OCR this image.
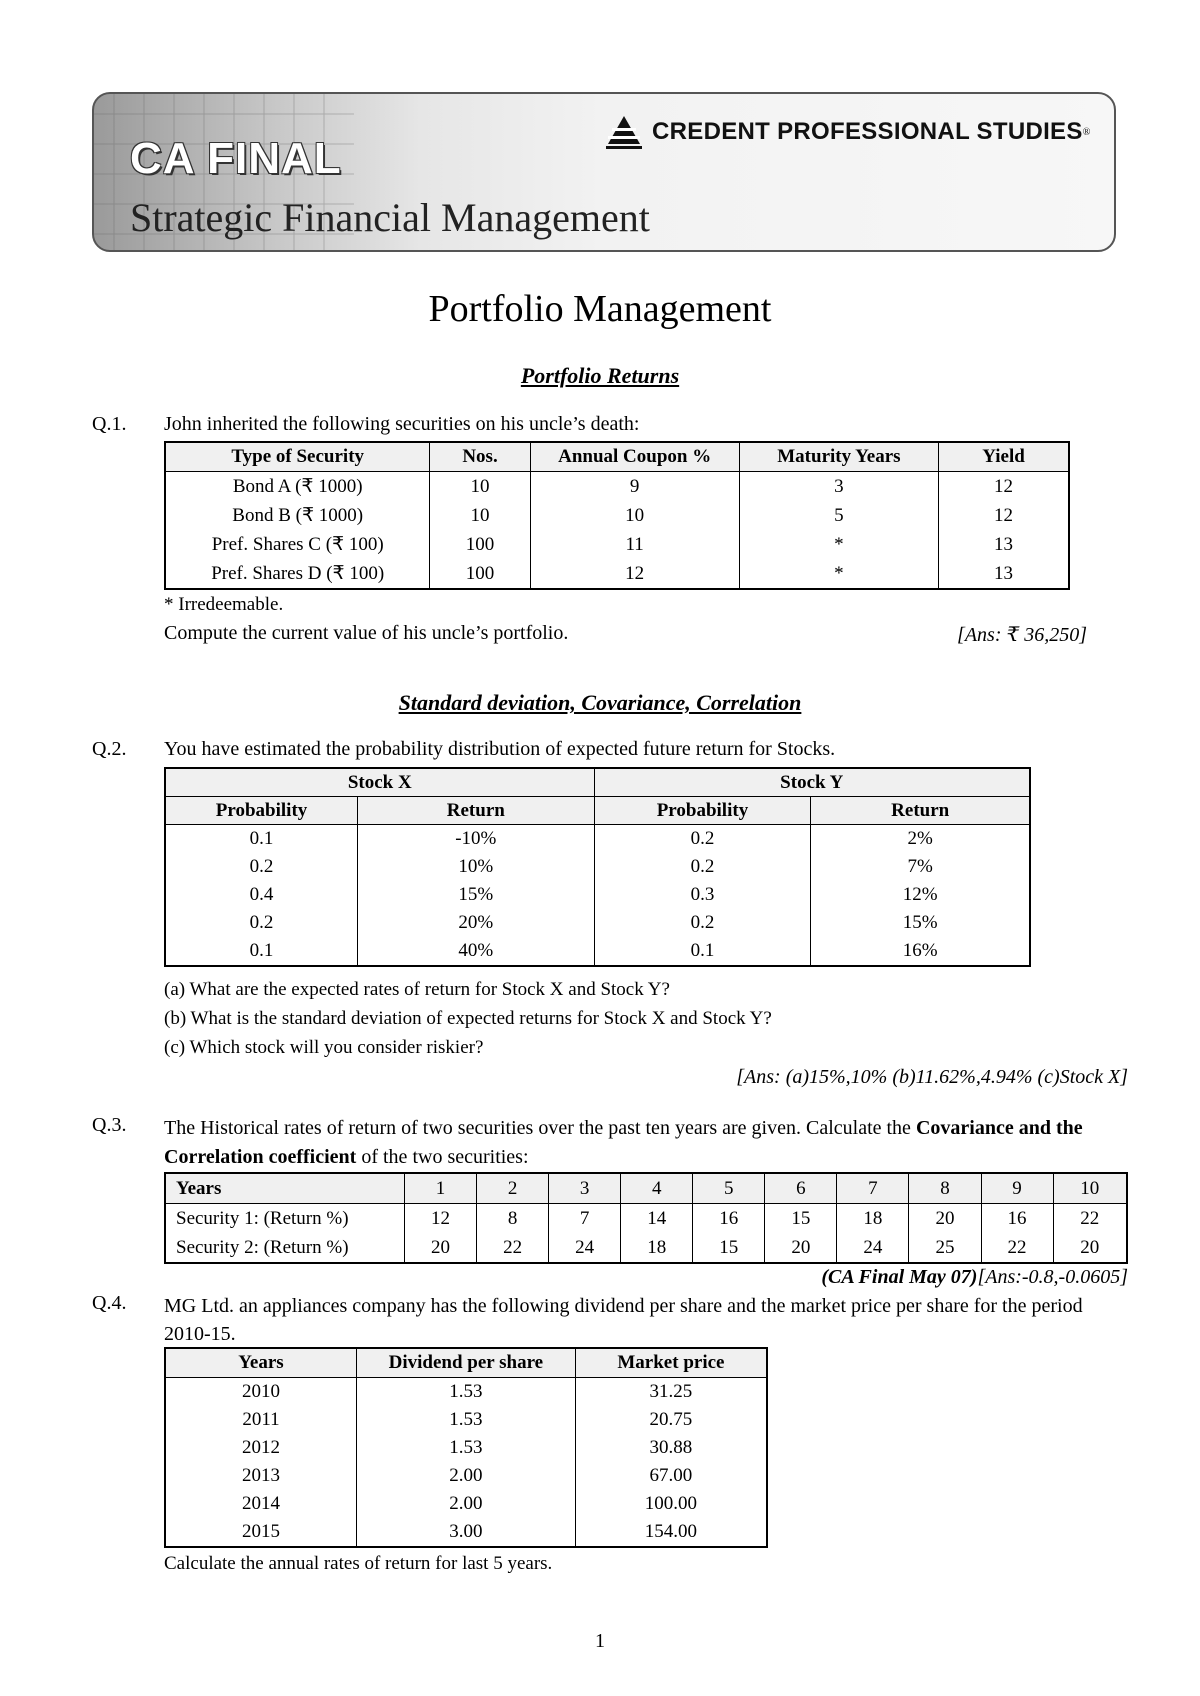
CREDENT PROFESSIONAL STUDIES ®
CA FINAL
Strategic Financial Management
Portfolio Management
Portfolio Returns
Q.1. John inherited the following securities on his uncle’s death:
Type of Security	Nos.	Annual Coupon %	Maturity Years	Yield
Bond A (₹ 1000)	10	9	3	12
Bond B (₹ 1000)	10	10	5	12
Pref. Shares C (₹ 100)	100	11	*	13
Pref. Shares D (₹ 100)	100	12	*	13
* Irredeemable.
Compute the current value of his uncle’s portfolio.	[Ans: ₹ 36,250]
Standard deviation, Covariance, Correlation
Q.2. You have estimated the probability distribution of expected future return for Stocks.
Stock X		Stock Y	
Probability	Return	Probability	Return
0.1	-10%	0.2	2%
0.2	10%	0.2	7%
0.4	15%	0.3	12%
0.2	20%	0.2	15%
0.1	40%	0.1	16%
(a) What are the expected rates of return for Stock X and Stock Y?
(b) What is the standard deviation of expected returns for Stock X and Stock Y?
(c) Which stock will you consider riskier?
[Ans: (a)15%,10% (b)11.62%,4.94% (c)Stock X]
Q.3. The Historical rates of return of two securities over the past ten years are given. Calculate the Covariance and the Correlation coefficient of the two securities:
Years	1	2	3	4	5	6	7	8	9	10
Security 1: (Return %)	12	8	7	14	16	15	18	20	16	22
Security 2: (Return %)	20	22	24	18	15	20	24	25	22	20
(CA Final May 07)[Ans:-0.8,-0.0605]
Q.4. MG Ltd. an appliances company has the following dividend per share and the market price per share for the period 2010-15.
Years	Dividend per share	Market price
2010	1.53	31.25
2011	1.53	20.75
2012	1.53	30.88
2013	2.00	67.00
2014	2.00	100.00
2015	3.00	154.00
Calculate the annual rates of return for last 5 years.
1
